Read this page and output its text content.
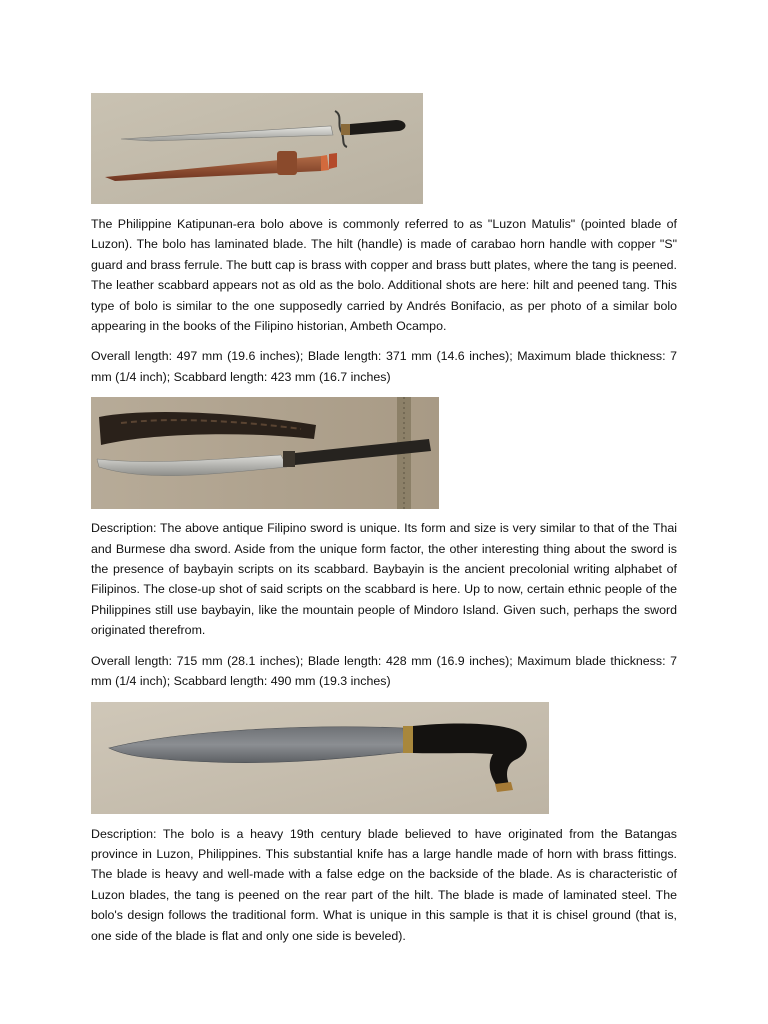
The Philippine Katipunan-era bolo above is commonly referred to as "Luzon Matulis" (pointed blade of Luzon). The bolo has laminated blade. The hilt (handle) is made of carabao horn handle with copper "S" guard and brass ferrule. The butt cap is brass with copper and brass butt plates, where the tang is peened. The leather scabbard appears not as old as the bolo. Additional shots are here: hilt and peened tang. This type of bolo is similar to the one supposedly carried by Andrés Bonifacio, as per photo of a similar bolo appearing in the books of the Filipino historian, Ambeth Ocampo.

Overall length: 497 mm (19.6 inches); Blade length: 371 mm (14.6 inches); Maximum blade thickness: 7 mm (1/4 inch); Scabbard length: 423 mm (16.7 inches)

Description: The above antique Filipino sword is unique. Its form and size is very similar to that of the Thai and Burmese dha sword. Aside from the unique form factor, the other interesting thing about the sword is the presence of baybayin scripts on its scabbard. Baybayin is the ancient precolonial writing alphabet of Filipinos. The close-up shot of said scripts on the scabbard is here. Up to now, certain ethnic people of the Philippines still use baybayin, like the mountain people of Mindoro Island. Given such, perhaps the sword originated therefrom.

Overall length: 715 mm (28.1 inches); Blade length: 428 mm (16.9 inches); Maximum blade thickness: 7 mm (1/4 inch); Scabbard length: 490 mm (19.3 inches)

Description: The bolo is a heavy 19th century blade believed to have originated from the Batangas province in Luzon, Philippines. This substantial knife has a large handle made of horn with brass fittings. The blade is heavy and well-made with a false edge on the backside of the blade. As is characteristic of Luzon blades, the tang is peened on the rear part of the hilt. The blade is made of laminated steel. The bolo's design follows the traditional form. What is unique in this sample is that it is chisel ground (that is, one side of the blade is flat and only one side is beveled).
